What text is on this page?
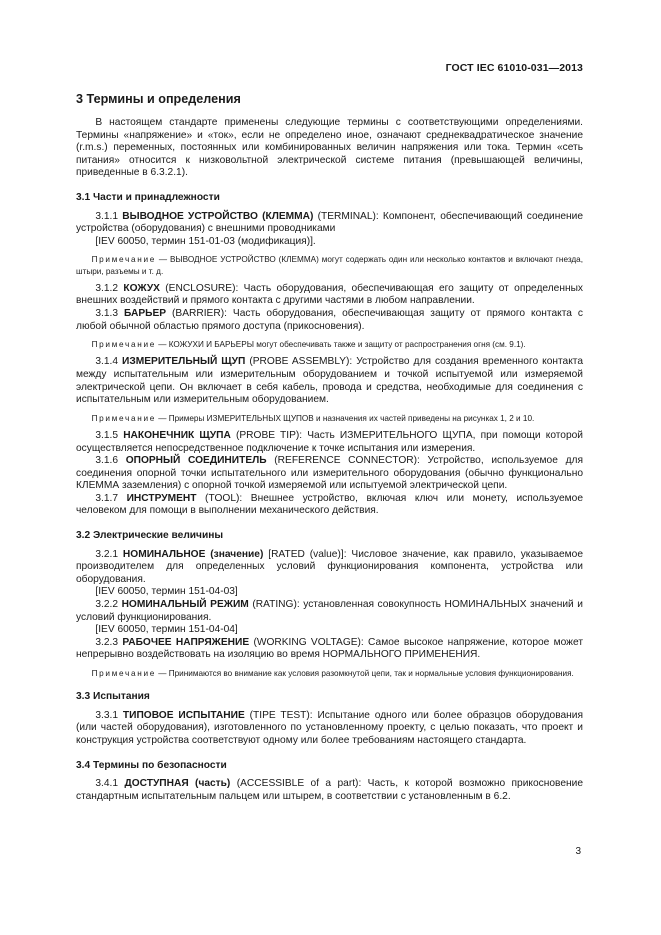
ГОСТ IEC 61010-031—2013
3 Термины и определения

В настоящем стандарте применены следующие термины с соответствующими определениями. Термины «напряжение» и «ток», если не определено иное, означают среднеквадратическое значение (r.m.s.) переменных, постоянных или комбинированных величин напряжения или тока. Термин «сеть питания» относится к низковольтной электрической системе питания (превышающей величины, приведенные в 6.3.2.1).

3.1 Части и принадлежности

3.1.1 ВЫВОДНОЕ УСТРОЙСТВО (КЛЕММА) (TERMINAL): Компонент, обеспечивающий соединение устройства (оборудования) с внешними проводниками

[IEV 60050, термин 151-01-03 (модификация)].

Примечание — ВЫВОДНОЕ УСТРОЙСТВО (КЛЕММА) могут содержать один или несколько контактов и включают гнезда, штыри, разъемы и т. д.

3.1.2 КОЖУХ (ENCLOSURE): Часть оборудования, обеспечивающая его защиту от определенных внешних воздействий и прямого контакта с другими частями в любом направлении.

3.1.3 БАРЬЕР (BARRIER): Часть оборудования, обеспечивающая защиту от прямого контакта с любой обычной областью прямого доступа (прикосновения).

Примечание — КОЖУХИ И БАРЬЕРЫ могут обеспечивать также и защиту от распространения огня (см. 9.1).

3.1.4 ИЗМЕРИТЕЛЬНЫЙ ЩУП (PROBE ASSEMBLY): Устройство для создания временного контакта между испытательным или измерительным оборудованием и точкой испытуемой или измеряемой электрической цепи. Он включает в себя кабель, провода и средства, необходимые для соединения с испытательным или измерительным оборудованием.

Примечание — Примеры ИЗМЕРИТЕЛЬНЫХ ЩУПОВ и назначения их частей приведены на рисунках 1, 2 и 10.

3.1.5 НАКОНЕЧНИК ЩУПА (PROBE TIP): Часть ИЗМЕРИТЕЛЬНОГО ЩУПА, при помощи которой осуществляется непосредственное подключение к точке испытания или измерения.

3.1.6 ОПОРНЫЙ СОЕДИНИТЕЛЬ (REFERENCE CONNECTOR): Устройство, используемое для соединения опорной точки испытательного или измерительного оборудования (обычно функционально КЛЕММА заземления) с опорной точкой измеряемой или испытуемой электрической цепи.

3.1.7 ИНСТРУМЕНТ (TOOL): Внешнее устройство, включая ключ или монету, используемое человеком для помощи в выполнении механического действия.

3.2 Электрические величины

3.2.1 НОМИНАЛЬНОЕ (значение) [RATED (value)]: Числовое значение, как правило, указываемое производителем для определенных условий функционирования компонента, устройства или оборудования.

[IEV 60050, термин 151-04-03]

3.2.2 НОМИНАЛЬНЫЙ РЕЖИМ (RATING): установленная совокупность НОМИНАЛЬНЫХ значений и условий функционирования.

[IEV 60050, термин 151-04-04]

3.2.3 РАБОЧЕЕ НАПРЯЖЕНИЕ (WORKING VOLTAGE): Самое высокое напряжение, которое может непрерывно воздействовать на изоляцию во время НОРМАЛЬНОГО ПРИМЕНЕНИЯ.

Примечание — Принимаются во внимание как условия разомкнутой цепи, так и нормальные условия функционирования.

3.3 Испытания

3.3.1 ТИПОВОЕ ИСПЫТАНИЕ (TIPE TEST): Испытание одного или более образцов оборудования (или частей оборудования), изготовленного по установленному проекту, с целью показать, что проект и конструкция устройства соответствуют одному или более требованиям настоящего стандарта.

3.4 Термины по безопасности

3.4.1 ДОСТУПНАЯ (часть) (ACCESSIBLE of a part): Часть, к которой возможно прикосновение стандартным испытательным пальцем или штырем, в соответствии с установленным в 6.2.

3
